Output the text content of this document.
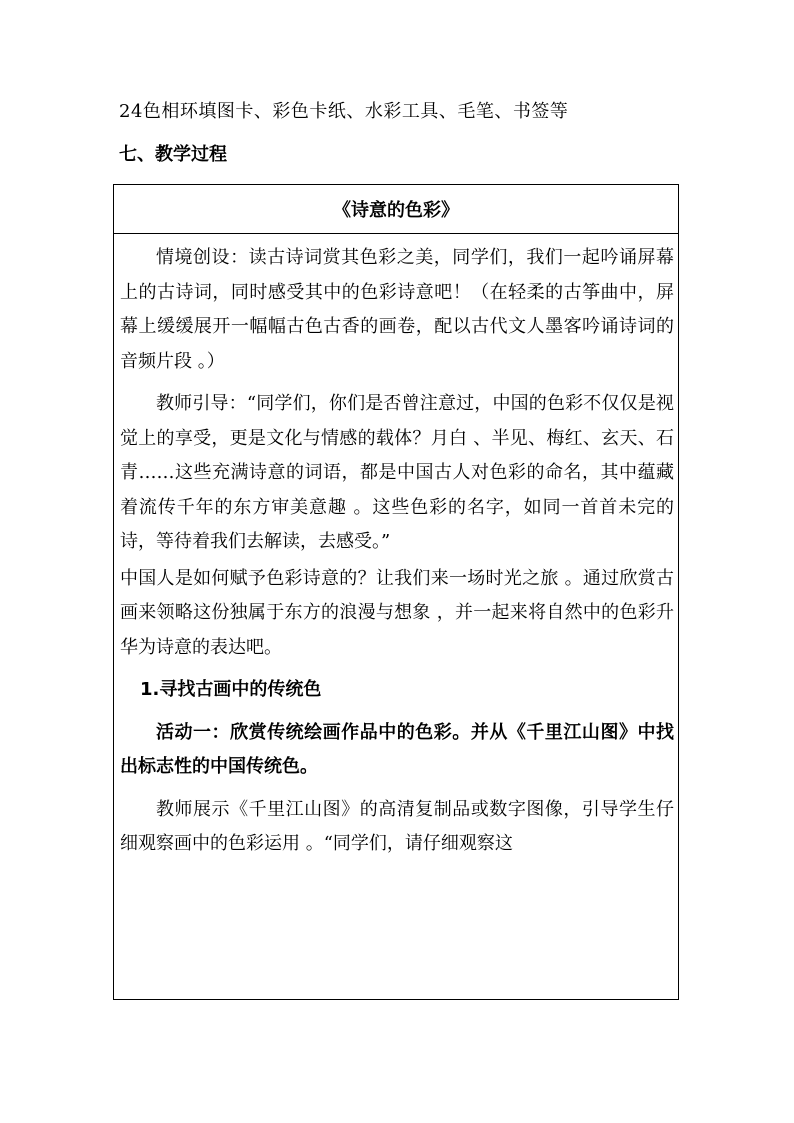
24色相环填图卡、彩色卡纸、水彩工具、毛笔、书签等
七、教学过程
《诗意的色彩》

情境创设：读古诗词赏其色彩之美，同学们，我们一起吟诵屏幕上的古诗词，同时感受其中的色彩诗意吧！（在轻柔的古筝曲中，屏幕上缓缓展开一幅幅古色古香的画卷，配以古代文人墨客吟诵诗词的音频片段 。）

教师引导：“同学们，你们是否曾注意过，中国的色彩不仅仅是视觉上的享受，更是文化与情感的载体？月白 、半见、梅红、玄天、石青……这些充满诗意的词语，都是中国古人对色彩的命名，其中蕴藏着流传千年的东方审美意趣 。这些色彩的名字，如同一首首未完的诗，等待着我们去解读，去感受。”

中国人是如何赋予色彩诗意的？让我们来一场时光之旅 。通过欣赏古画来领略这份独属于东方的浪漫与想象 ，并一起来将自然中的色彩升华为诗意的表达吧。

1.寻找古画中的传统色

活动一：欣赏传统绘画作品中的色彩。并从《千里江山图》中找出标志性的中国传统色。

教师展示《千里江山图》的高清复制品或数字图像，引导学生仔细观察画中的色彩运用 。“同学们，请仔细观察这
